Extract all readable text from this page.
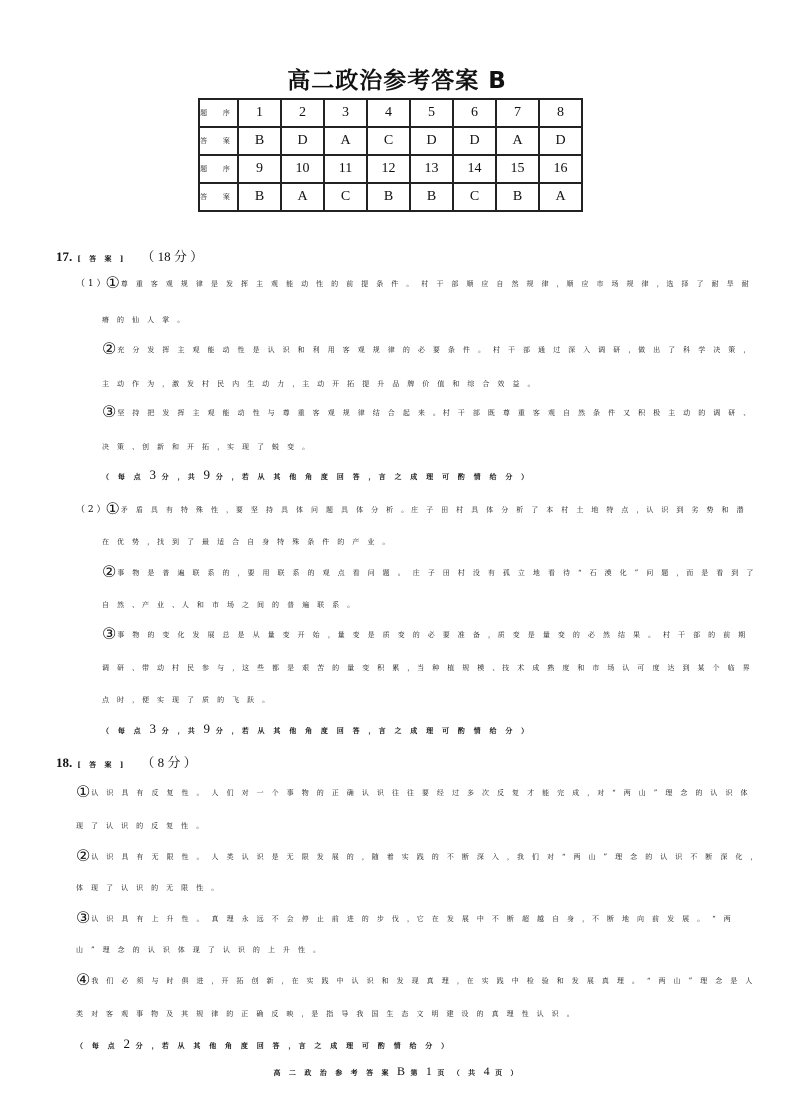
高二政治参考答案 B
题 序	1	2	3	4	5	6	7	8
答 案	B	D	A	C	D	D	A	D
题 序	9	10	11	12	13	14	15	16
答 案	B	A	C	B	B	C	B	A
17. [ 答 案 ] （ 18 分 ）
（ 1 ）①尊 重 客 观 规 律 是 发 挥 主 观 能 动 性 的 前 提 条 件 。 村 干 部 顺 应 自 然 规 律 ，顺 应 市 场 规 律 ，选 择 了 耐 旱 耐
瘠 的 仙 人 掌 。
②充 分 发 挥 主 观 能 动 性 是 认 识 和 利 用 客 观 规 律 的 必 要 条 件 。 村 干 部 通 过 深 入 调 研 ，做 出 了 科 学 决 策 ，
主 动 作 为 ，激 发 村 民 内 生 动 力 ，主 动 开 拓 提 升 品 牌 价 值 和 综 合 效 益 。
③坚 持 把 发 挥 主 观 能 动 性 与 尊 重 客 观 规 律 结 合 起 来 。村 干 部 既 尊 重 客 观 自 然 条 件 又 积 极 主 动 的 调 研 、
决 策 、创 新 和 开 拓 ，实 现 了 蜕 变 。
（ 每 点 3 分 ，共 9 分 ，若 从 其 他 角 度 回 答 ，言 之 成 理 可 酌 情 给 分 ）
（ 2 ）①矛 盾 具 有 特 殊 性 ，要 坚 持 具 体 问 题 具 体 分 析 。庄 子 田 村 具 体 分 析 了 本 村 土 地 特 点 ，认 识 到 劣 势 和 潜
在 优 势 ，找 到 了 最 适 合 自 身 特 殊 条 件 的 产 业 。
②事 物 是 普 遍 联 系 的 ，要 用 联 系 的 观 点 看 问 题 。 庄 子 田 村 没 有 孤 立 地 看 待 “ 石 漠 化 ” 问 题 ，而 是 看 到 了
自 然 、产 业 、人 和 市 场 之 间 的 普 遍 联 系 。
③事 物 的 变 化 发 展 总 是 从 量 变 开 始 ，量 变 是 质 变 的 必 要 准 备 ，质 变 是 量 变 的 必 然 结 果 。 村 干 部 的 前 期
调 研 、带 动 村 民 参 与 ，这 些 都 是 艰 苦 的 量 变 积 累 ，当 种 植 规 模 、技 术 成 熟 度 和 市 场 认 可 度 达 到 某 个 临 界
点 时 ，便 实 现 了 质 的 飞 跃 。
（ 每 点 3 分 ，共 9 分 ，若 从 其 他 角 度 回 答 ，言 之 成 理 可 酌 情 给 分 ）
18. [ 答 案 ] （ 8 分 ）
①认 识 具 有 反 复 性 。 人 们 对 一 个 事 物 的 正 确 认 识 往 往 要 经 过 多 次 反 复 才 能 完 成 ，对 “ 两 山 ” 理 念 的 认 识 体
现 了 认 识 的 反 复 性 。
②认 识 具 有 无 限 性 。 人 类 认 识 是 无 限 发 展 的 ，随 着 实 践 的 不 断 深 入 ，我 们 对 “ 两 山 ” 理 念 的 认 识 不 断 深 化 ，
体 现 了 认 识 的 无 限 性 。
③认 识 具 有 上 升 性 。 真 理 永 远 不 会 停 止 前 进 的 步 伐 ，它 在 发 展 中 不 断 超 越 自 身 ，不 断 地 向 前 发 展 。 “ 两
山 ” 理 念 的 认 识 体 现 了 认 识 的 上 升 性 。
④我 们 必 须 与 时 俱 进 ，开 拓 创 新 ，在 实 践 中 认 识 和 发 现 真 理 ，在 实 践 中 检 验 和 发 展 真 理 。 “ 两 山 ” 理 念 是 人
类 对 客 观 事 物 及 其 规 律 的 正 确 反 映 ，是 指 导 我 国 生 态 文 明 建 设 的 真 理 性 认 识 。
（ 每 点 2 分 ，若 从 其 他 角 度 回 答 ，言 之 成 理 可 酌 情 给 分 ）
高 二 政 治 参 考 答 案 B 第 1 页 （ 共 4 页 ）
